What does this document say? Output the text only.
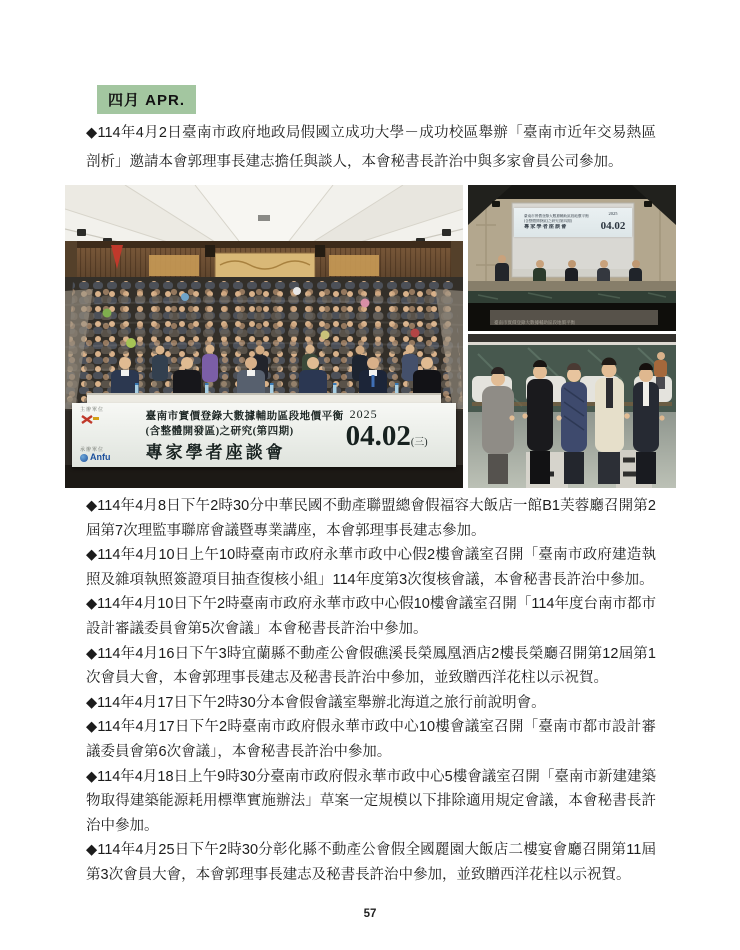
四月 APR.

◆114年4月2日臺南市政府地政局假國立成功大學－成功校區舉辦「臺南市近年交易熱區剖析」邀請本會郭理事長建志擔任與談人，本會秘書長許治中與多家會員公司參加。

主辦單位
承辦單位
Anfu
臺南市實價登錄大數據輔助區段地價平衡
(含整體開發區)之研究(第四期)
專家學者座談會
2025
04.02(三)
臺南市實價登錄大數據輔助區段地價平衡
(含整體開發區)之研究(第四期)
專家學者座談會
2025
04.02
臺南市實價登錄大數據輔助區段地價平衡

◆114年4月8日下午2時30分中華民國不動產聯盟總會假福容大飯店一館B1芙蓉廳召開第2屆第7次理監事聯席會議暨專業講座，本會郭理事長建志參加。

◆114年4月10日上午10時臺南市政府永華市政中心假2樓會議室召開「臺南市政府建造執照及雜項執照簽證項目抽查復核小組」114年度第3次復核會議，本會秘書長許治中參加。

◆114年4月10日下午2時臺南市政府永華市政中心假10樓會議室召開「114年度台南市都市設計審議委員會第5次會議」本會秘書長許治中參加。

◆114年4月16日下午3時宜蘭縣不動產公會假礁溪長榮鳳凰酒店2樓長榮廳召開第12屆第1次會員大會，本會郭理事長建志及秘書長許治中參加，並致贈西洋花柱以示祝賀。

◆114年4月17日下午2時30分本會假會議室舉辦北海道之旅行前說明會。

◆114年4月17日下午2時臺南市政府假永華市政中心10樓會議室召開「臺南市都市設計審議委員會第6次會議」，本會秘書長許治中參加。

◆114年4月18日上午9時30分臺南市政府假永華市政中心5樓會議室召開「臺南市新建建築物取得建築能源耗用標準實施辦法」草案一定規模以下排除適用規定會議，本會秘書長許治中參加。

◆114年4月25日下午2時30分彰化縣不動產公會假全國麗園大飯店二樓宴會廳召開第11屆第3次會員大會，本會郭理事長建志及秘書長許治中參加，並致贈西洋花柱以示祝賀。

57
